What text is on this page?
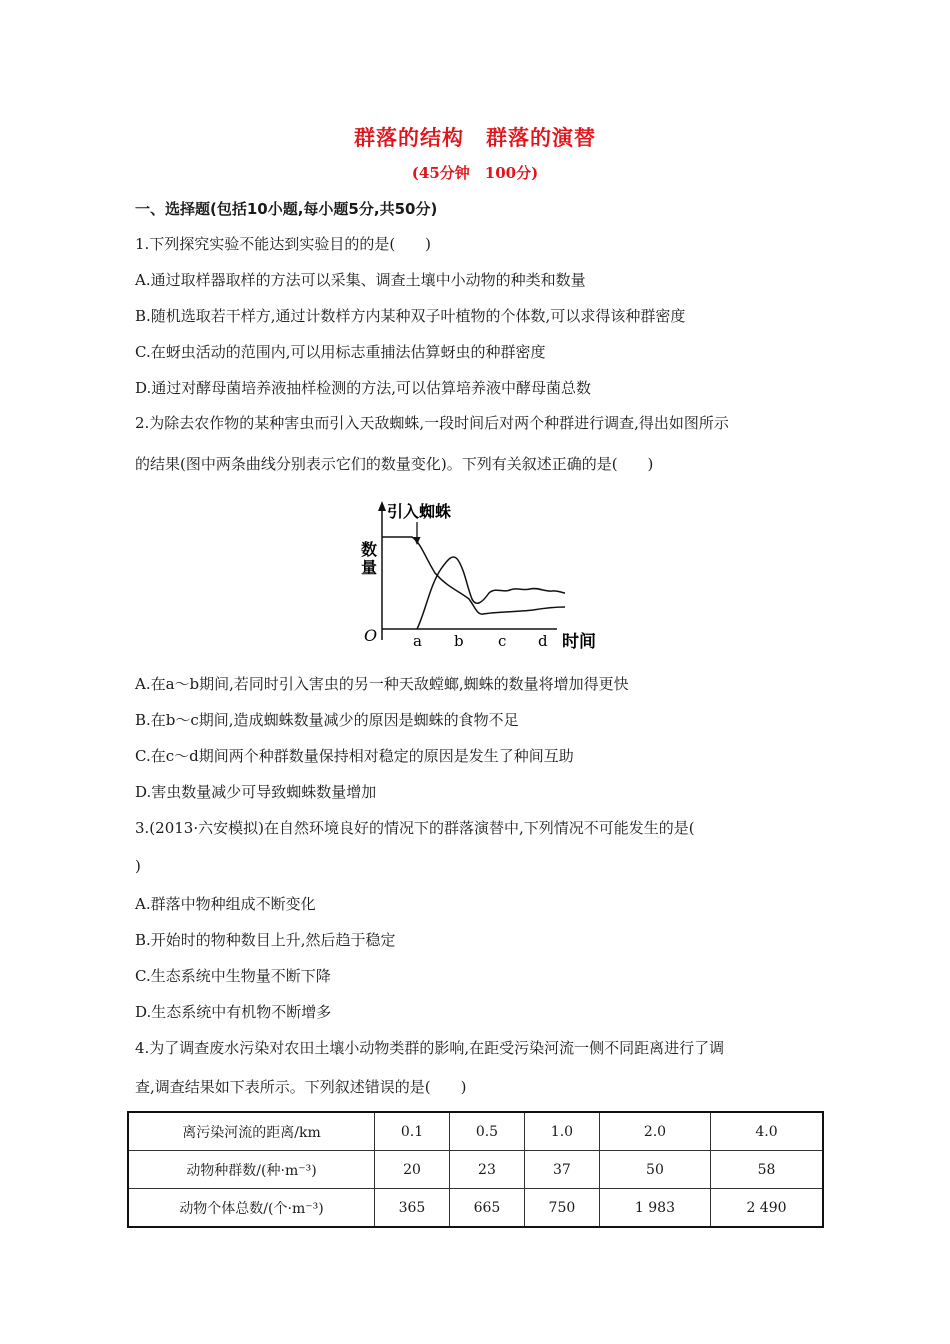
群落的结构　群落的演替
(45分钟　100分)
一、选择题(包括10小题,每小题5分,共50分)
1.下列探究实验不能达到实验目的的是(　　)
A.通过取样器取样的方法可以采集、调查土壤中小动物的种类和数量
B.随机选取若干样方,通过计数样方内某种双子叶植物的个体数,可以求得该种群密度
C.在蚜虫活动的范围内,可以用标志重捕法估算蚜虫的种群密度
D.通过对酵母菌培养液抽样检测的方法,可以估算培养液中酵母菌总数
2.为除去农作物的某种害虫而引入天敌蜘蛛,一段时间后对两个种群进行调查,得出如图所示
的结果(图中两条曲线分别表示它们的数量变化)。下列有关叙述正确的是(　　)
引入蜘蛛
数
量
O a b c d 时间
A.在a～b期间,若同时引入害虫的另一种天敌螳螂,蜘蛛的数量将增加得更快
B.在b～c期间,造成蜘蛛数量减少的原因是蜘蛛的食物不足
C.在c～d期间两个种群数量保持相对稳定的原因是发生了种间互助
D.害虫数量减少可导致蜘蛛数量增加
3.(2013·六安模拟)在自然环境良好的情况下的群落演替中,下列情况不可能发生的是(
)
A.群落中物种组成不断变化
B.开始时的物种数目上升,然后趋于稳定
C.生态系统中生物量不断下降
D.生态系统中有机物不断增多
4.为了调查废水污染对农田土壤小动物类群的影响,在距受污染河流一侧不同距离进行了调
查,调查结果如下表所示。下列叙述错误的是(　　)
离污染河流的距离/km	0.1	0.5	1.0	2.0	4.0
动物种群数/(种·m⁻³)	20	23	37	50	58
动物个体总数/(个·m⁻³)	365	665	750	1 983	2 490
